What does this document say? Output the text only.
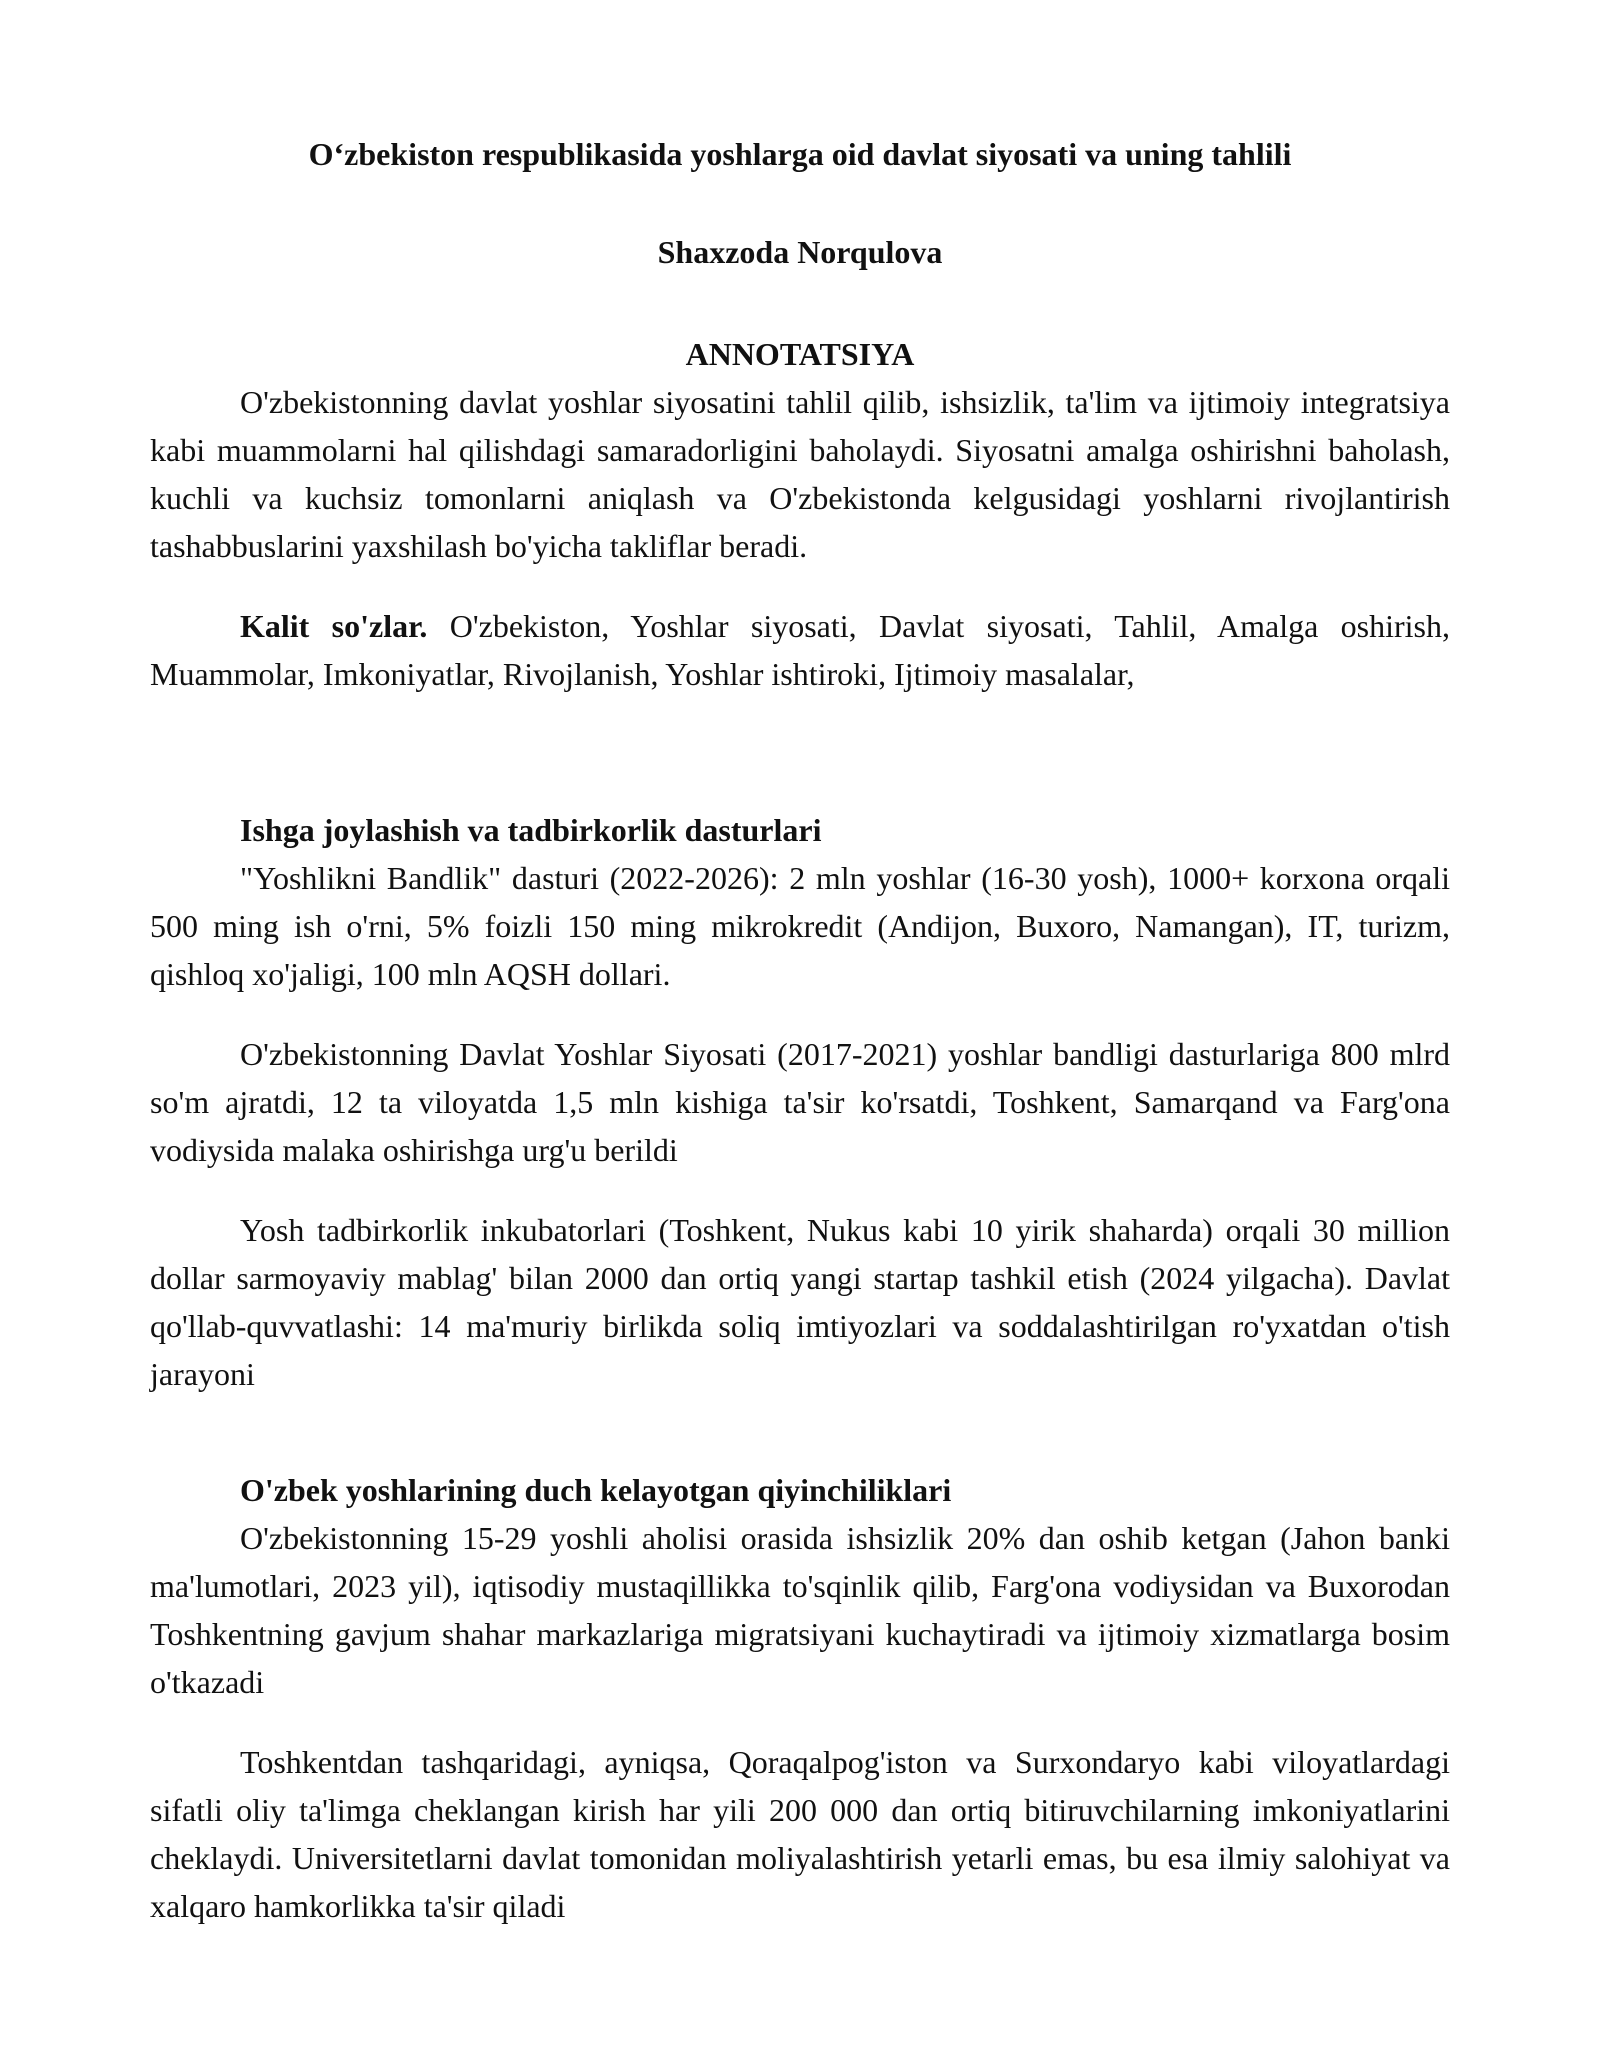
O‘zbekiston respublikasida yoshlarga oid davlat siyosati va uning tahlili
Shaxzoda Norqulova
ANNOTATSIYA

O'zbekistonning davlat yoshlar siyosatini tahlil qilib, ishsizlik, ta'lim va ijtimoiy integratsiya kabi muammolarni hal qilishdagi samaradorligini baholaydi. Siyosatni amalga oshirishni baholash, kuchli va kuchsiz tomonlarni aniqlash va O'zbekistonda kelgusidagi yoshlarni rivojlantirish tashabbuslarini yaxshilash bo'yicha takliflar beradi.

Kalit so'zlar. O'zbekiston, Yoshlar siyosati, Davlat siyosati, Tahlil, Amalga oshirish, Muammolar, Imkoniyatlar, Rivojlanish, Yoshlar ishtiroki, Ijtimoiy masalalar,

Ishga joylashish va tadbirkorlik dasturlari

"Yoshlikni Bandlik" dasturi (2022-2026): 2 mln yoshlar (16-30 yosh), 1000+ korxona orqali 500 ming ish o'rni, 5% foizli 150 ming mikrokredit (Andijon, Buxoro, Namangan), IT, turizm, qishloq xo'jaligi, 100 mln AQSH dollari.

O'zbekistonning Davlat Yoshlar Siyosati (2017-2021) yoshlar bandligi dasturlariga 800 mlrd so'm ajratdi, 12 ta viloyatda 1,5 mln kishiga ta'sir ko'rsatdi, Toshkent, Samarqand va Farg'ona vodiysida malaka oshirishga urg'u berildi

Yosh tadbirkorlik inkubatorlari (Toshkent, Nukus kabi 10 yirik shaharda) orqali 30 million dollar sarmoyaviy mablag' bilan 2000 dan ortiq yangi startap tashkil etish (2024 yilgacha). Davlat qo'llab-quvvatlashi: 14 ma'muriy birlikda soliq imtiyozlari va soddalashtirilgan ro'yxatdan o'tish jarayoni

O'zbek yoshlarining duch kelayotgan qiyinchiliklari

O'zbekistonning 15-29 yoshli aholisi orasida ishsizlik 20% dan oshib ketgan (Jahon banki ma'lumotlari, 2023 yil), iqtisodiy mustaqillikka to'sqinlik qilib, Farg'ona vodiysidan va Buxorodan Toshkentning gavjum shahar markazlariga migratsiyani kuchaytiradi va ijtimoiy xizmatlarga bosim o'tkazadi

Toshkentdan tashqaridagi, ayniqsa, Qoraqalpog'iston va Surxondaryo kabi viloyatlardagi sifatli oliy ta'limga cheklangan kirish har yili 200 000 dan ortiq bitiruvchilarning imkoniyatlarini cheklaydi. Universitetlarni davlat tomonidan moliyalashtirish yetarli emas, bu esa ilmiy salohiyat va xalqaro hamkorlikka ta'sir qiladi
